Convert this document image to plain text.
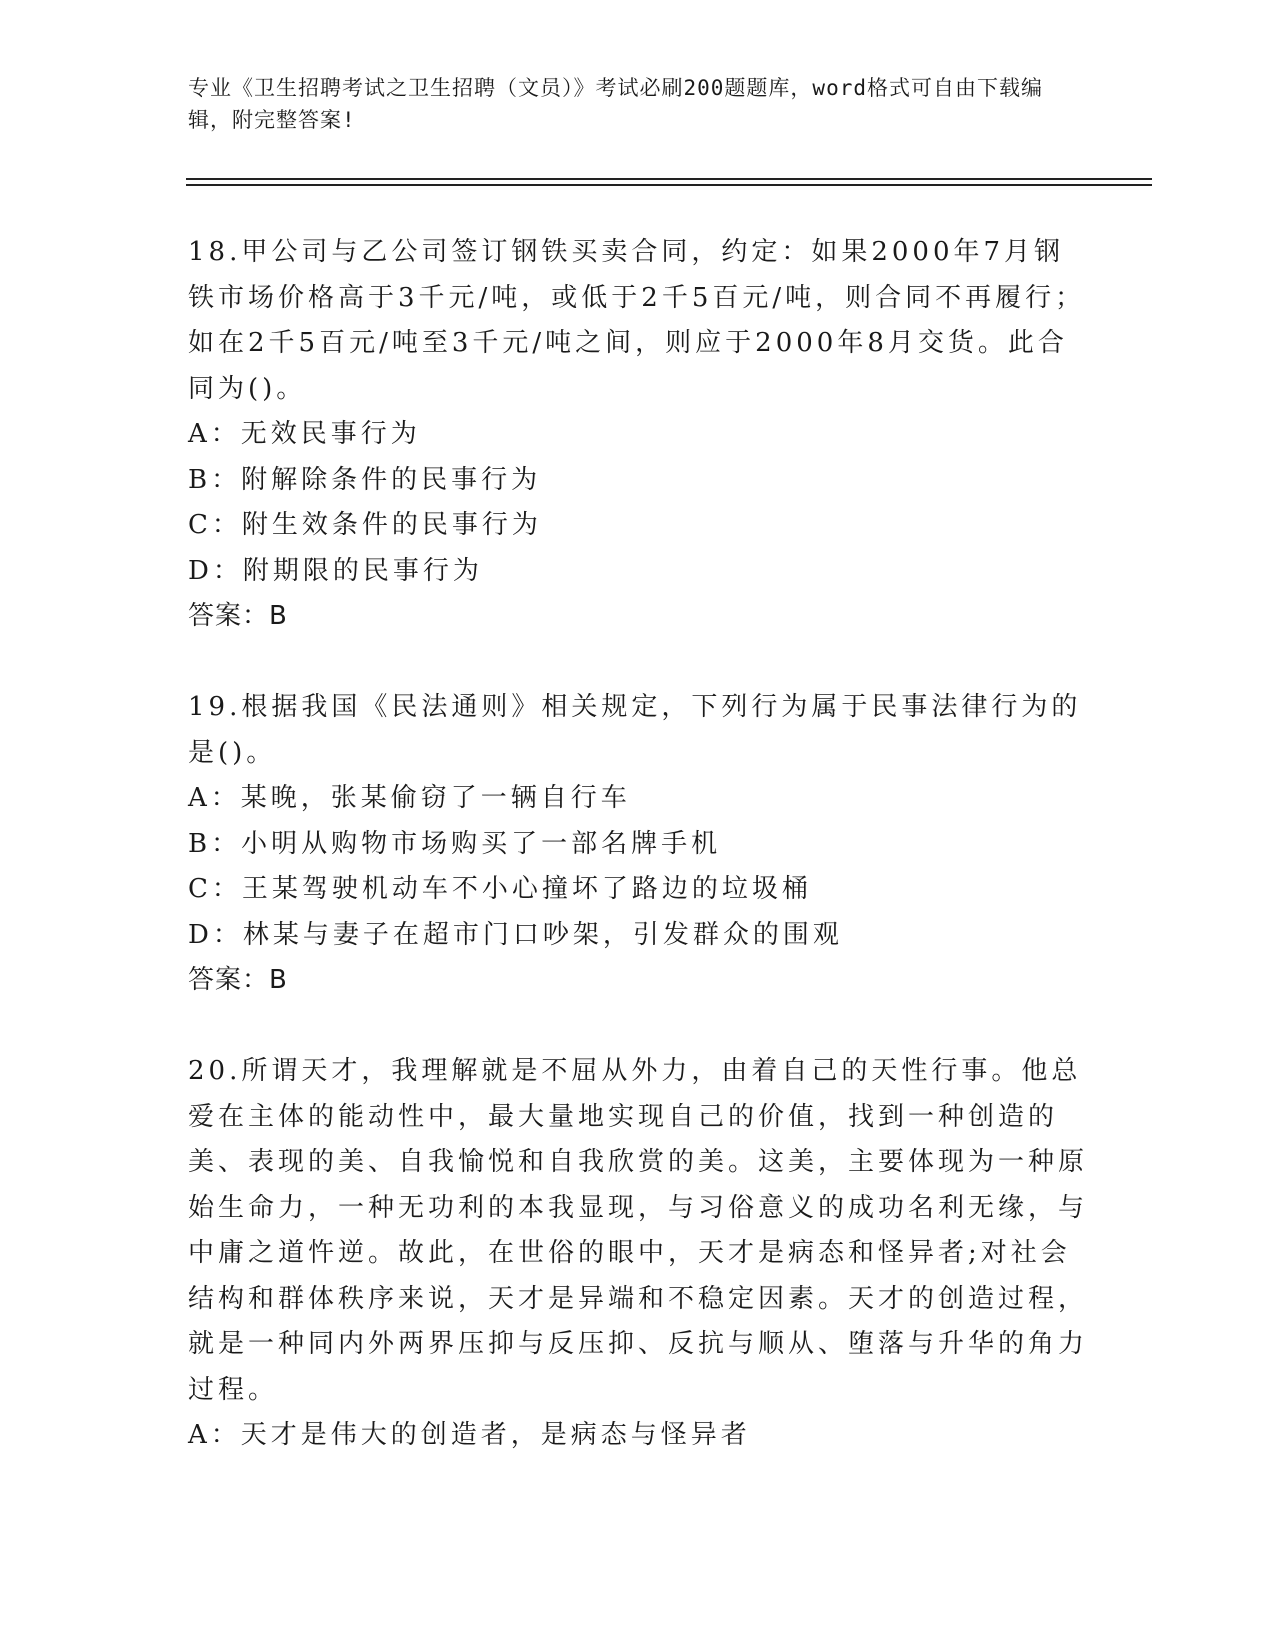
专业《卫生招聘考试之卫生招聘（文员）》考试必刷200题题库，word格式可自由下载编辑，附完整答案!
18.甲公司与乙公司签订钢铁买卖合同，约定：如果2000年7月钢铁市场价格高于3千元/吨，或低于2千5百元/吨，则合同不再履行；如在2千5百元/吨至3千元/吨之间，则应于2000年8月交货。此合同为()。
A：无效民事行为
B：附解除条件的民事行为
C：附生效条件的民事行为
D：附期限的民事行为
答案：B
19.根据我国《民法通则》相关规定，下列行为属于民事法律行为的是()。
A：某晚，张某偷窃了一辆自行车
B：小明从购物市场购买了一部名牌手机
C：王某驾驶机动车不小心撞坏了路边的垃圾桶
D：林某与妻子在超市门口吵架，引发群众的围观
答案：B
20.所谓天才，我理解就是不屈从外力，由着自己的天性行事。他总爱在主体的能动性中，最大量地实现自己的价值，找到一种创造的美、表现的美、自我愉悦和自我欣赏的美。这美，主要体现为一种原始生命力，一种无功利的本我显现，与习俗意义的成功名利无缘，与中庸之道忤逆。故此，在世俗的眼中，天才是病态和怪异者;对社会结构和群体秩序来说，天才是异端和不稳定因素。天才的创造过程，就是一种同内外两界压抑与反压抑、反抗与顺从、堕落与升华的角力过程。
A：天才是伟大的创造者，是病态与怪异者
